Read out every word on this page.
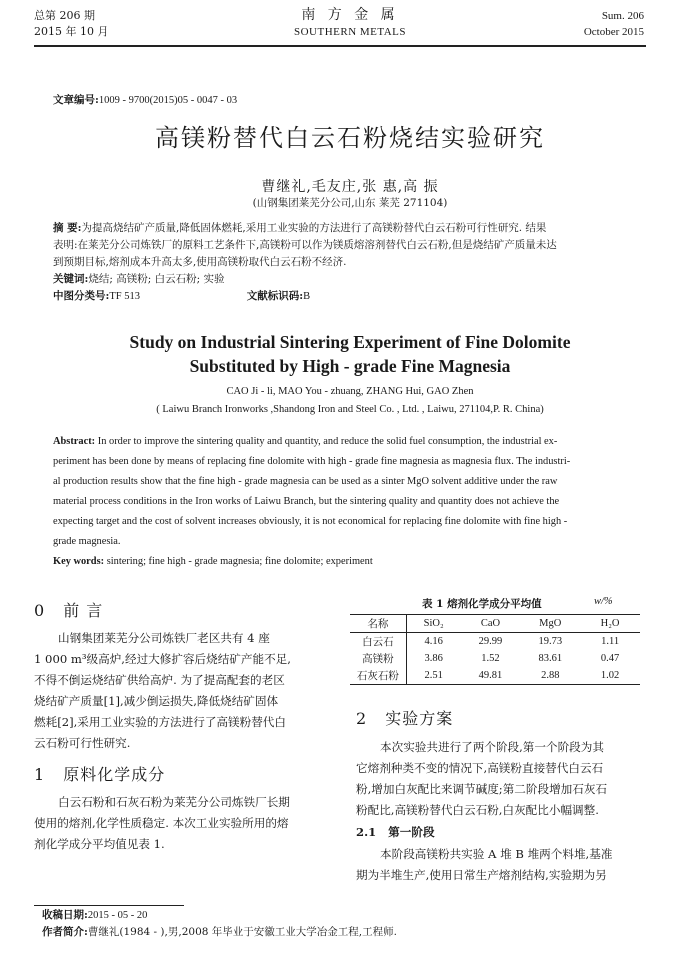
总第 206 期
2015 年 10 月
南 方 金 属
SOUTHERN METALS
Sum. 206
October 2015
文章编号:1009 - 9700(2015)05 - 0047 - 03
高镁粉替代白云石粉烧结实验研究
曹继礼,毛友庄,张 惠,高 振
(山钢集团莱芜分公司,山东 莱芜 271104)
摘 要:为提高烧结矿产质量,降低固体燃耗,采用工业实验的方法进行了高镁粉替代白云石粉可行性研究. 结果
表明:在莱芜分公司炼铁厂的原料工艺条件下,高镁粉可以作为镁质熔溶剂替代白云石粉,但是烧结矿产质量未达
到预期目标,熔剂成本升高太多,使用高镁粉取代白云石粉不经济.
关键词:烧结; 高镁粉; 白云石粉; 实验
中图分类号:TF 513	文献标识码:B
Study on Industrial Sintering Experiment of Fine Dolomite
Substituted by High - grade Fine Magnesia
CAO Ji - li, MAO You - zhuang, ZHANG Hui, GAO Zhen
( Laiwu Branch Ironworks ,Shandong Iron and Steel Co. , Ltd. , Laiwu, 271104,P. R. China)
Abstract: In order to improve the sintering quality and quantity, and reduce the solid fuel consumption, the industrial ex-
periment has been done by means of replacing fine dolomite with high - grade fine magnesia as magnesia flux. The industri-
al production results show that the fine high - grade magnesia can be used as a sinter MgO solvent additive under the raw
material process conditions in the Iron works of Laiwu Branch, but the sintering quality and quantity does not achieve the
expecting target and the cost of solvent increases obviously, it is not economical for replacing fine dolomite with fine high -
grade magnesia.
Key words: sintering; fine high - grade magnesia; fine dolomite; experiment
0 前 言
山钢集团莱芜分公司炼铁厂老区共有 4 座
1 000 m³级高炉,经过大修扩容后烧结矿产能不足,
不得不倒运烧结矿供给高炉. 为了提高配套的老区
烧结矿产质量[1],减少倒运损失,降低烧结矿固体
燃耗[2],采用工业实验的方法进行了高镁粉替代白
云石粉可行性研究.
1 原料化学成分
白云石粉和石灰石粉为莱芜分公司炼铁厂长期
使用的熔剂,化学性质稳定. 本次工业实验所用的熔
剂化学成分平均值见表 1.
表 1 熔剂化学成分平均值	w/%
名称	SiO₂	CaO	MgO	H₂O
白云石	4.16	29.99	19.73	1.11
高镁粉	3.86	1.52	83.61	0.47
石灰石粉	2.51	49.81	2.88	1.02
2 实验方案
本次实验共进行了两个阶段,第一个阶段为其
它熔剂种类不变的情况下,高镁粉直接替代白云石
粉,增加白灰配比来调节碱度;第二阶段增加石灰石
粉配比,高镁粉替代白云石粉,白灰配比小幅调整.
2.1 第一阶段
本阶段高镁粉共实验 A 堆 B 堆两个料堆,基准
期为半堆生产,使用日常生产熔剂结构,实验期为另
收稿日期:2015 - 05 - 20
作者简介:曹继礼(1984 - ),男,2008 年毕业于安徽工业大学冶金工程,工程师.
